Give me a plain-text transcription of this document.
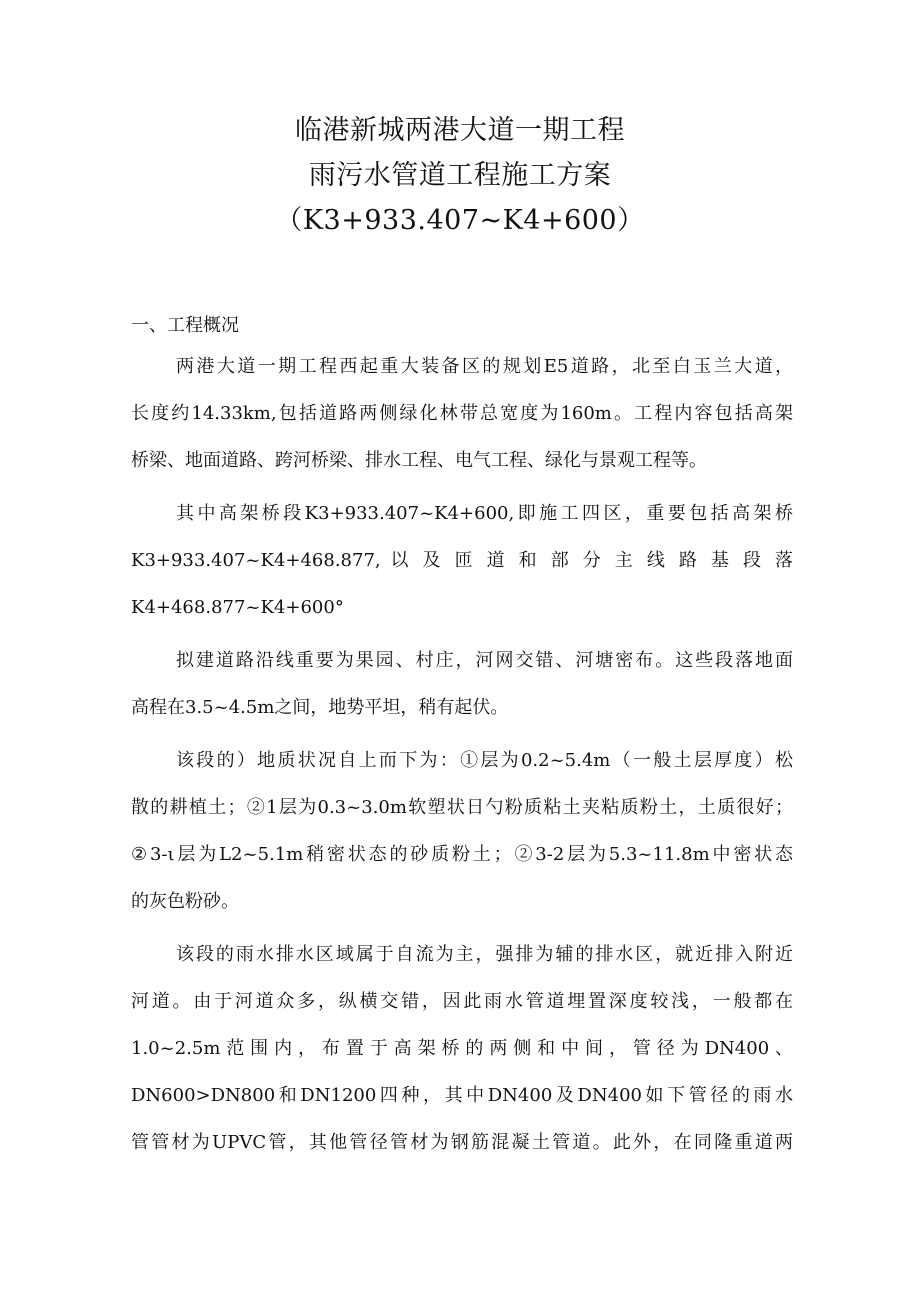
临港新城两港大道一期工程
雨污水管道工程施工方案
（K3+933.407~K4+600）
一、工程概况
两港大道一期工程西起重大装备区的规划E5道路，北至白玉兰大道，
长度约14.33km,包括道路两侧绿化林带总宽度为160m。工程内容包括高架
桥梁、地面道路、跨河桥梁、排水工程、电气工程、绿化与景观工程等。
其中高架桥段K3+933.407~K4+600,即施工四区，重要包括高架桥
K3+933.407~K4+468.877, 以 及 匝 道 和 部 分 主 线 路 基 段 落
K4+468.877~K4+600°
拟建道路沿线重要为果园、村庄，河网交错、河塘密布。这些段落地面
高程在3.5~4.5m之间，地势平坦，稍有起伏。
该段的）地质状况自上而下为：①层为0.2~5.4m（一般土层厚度）松
散的耕植土；②1层为0.3~3.0m软塑状日勺粉质粘土夹粘质粉土，土质很好；
②3-ι层为L2~5.1m稍密状态的砂质粉土；②3-2层为5.3~11.8m中密状态
的灰色粉砂。
该段的雨水排水区域属于自流为主，强排为辅的排水区，就近排入附近
河道。由于河道众多，纵横交错，因此雨水管道埋置深度较浅，一般都在
1.0~2.5m 范 围 内 ， 布 置 于 高 架 桥 的 两 侧 和 中 间 ， 管 径 为 DN400 、
DN600>DN800和DN1200四种，其中DN400及DN400如下管径的雨水
管管材为UPVC管，其他管径管材为钢筋混凝土管道。此外，在同隆重道两
